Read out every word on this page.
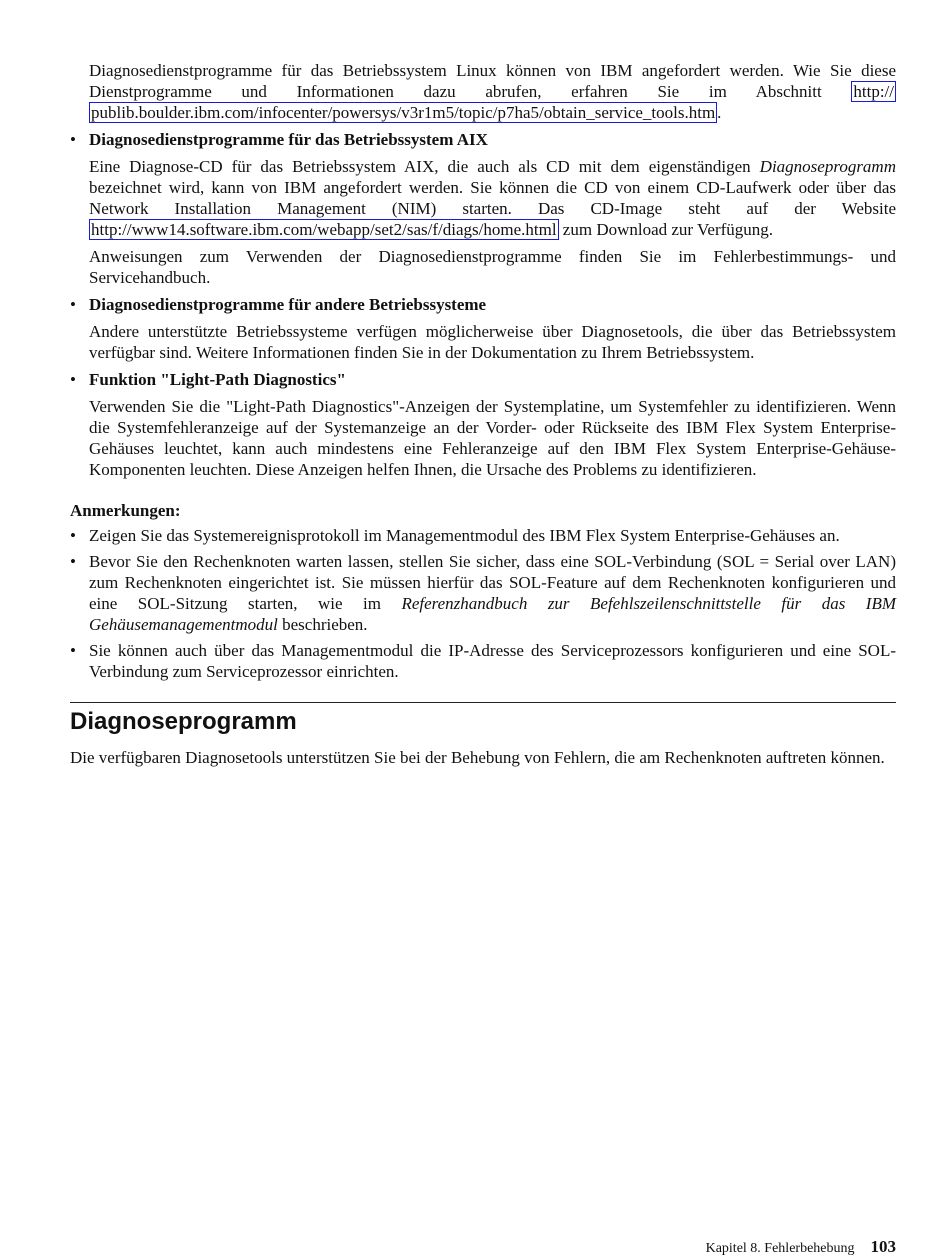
Diagnosedienstprogramme für das Betriebssystem Linux können von IBM angefordert werden. Wie Sie diese Dienstprogramme und Informationen dazu abrufen, erfahren Sie im Abschnitt http:// publib.boulder.ibm.com/infocenter/powersys/v3r1m5/topic/p7ha5/obtain_service_tools.htm .

• Diagnosedienstprogramme für das Betriebssystem AIX

Eine Diagnose-CD für das Betriebssystem AIX, die auch als CD mit dem eigenständigen Diagnoseprogramm bezeichnet wird, kann von IBM angefordert werden. Sie können die CD von einem CD-Laufwerk oder über das Network Installation Management (NIM) starten. Das CD-Image steht auf der Website http://www14.software.ibm.com/webapp/set2/sas/f/diags/home.html zum Download zur Verfügung.

Anweisungen zum Verwenden der Diagnosedienstprogramme finden Sie im Fehlerbestimmungs- und Servicehandbuch.

• Diagnosedienstprogramme für andere Betriebssysteme

Andere unterstützte Betriebssysteme verfügen möglicherweise über Diagnosetools, die über das Betriebssystem verfügbar sind. Weitere Informationen finden Sie in der Dokumentation zu Ihrem Betriebssystem.

• Funktion "Light-Path Diagnostics"

Verwenden Sie die "Light-Path Diagnostics"-Anzeigen der Systemplatine, um Systemfehler zu identifizieren. Wenn die Systemfehleranzeige auf der Systemanzeige an der Vorder- oder Rückseite des IBM Flex System Enterprise-Gehäuses leuchtet, kann auch mindestens eine Fehleranzeige auf den IBM Flex System Enterprise-Gehäuse-Komponenten leuchten. Diese Anzeigen helfen Ihnen, die Ursache des Problems zu identifizieren.

Anmerkungen:
• Zeigen Sie das Systemereignisprotokoll im Managementmodul des IBM Flex System Enterprise-Gehäuses an.

• Bevor Sie den Rechenknoten warten lassen, stellen Sie sicher, dass eine SOL-Verbindung (SOL = Serial over LAN) zum Rechenknoten eingerichtet ist. Sie müssen hierfür das SOL-Feature auf dem Rechenknoten konfigurieren und eine SOL-Sitzung starten, wie im Referenzhandbuch zur Befehlszeilenschnittstelle für das IBM Gehäusemanagementmodul beschrieben.

• Sie können auch über das Managementmodul die IP-Adresse des Serviceprozessors konfigurieren und eine SOL-Verbindung zum Serviceprozessor einrichten.

Diagnoseprogramm

Die verfügbaren Diagnosetools unterstützen Sie bei der Behebung von Fehlern, die am Rechenknoten auftreten können.

Kapitel 8. Fehlerbehebung 103
